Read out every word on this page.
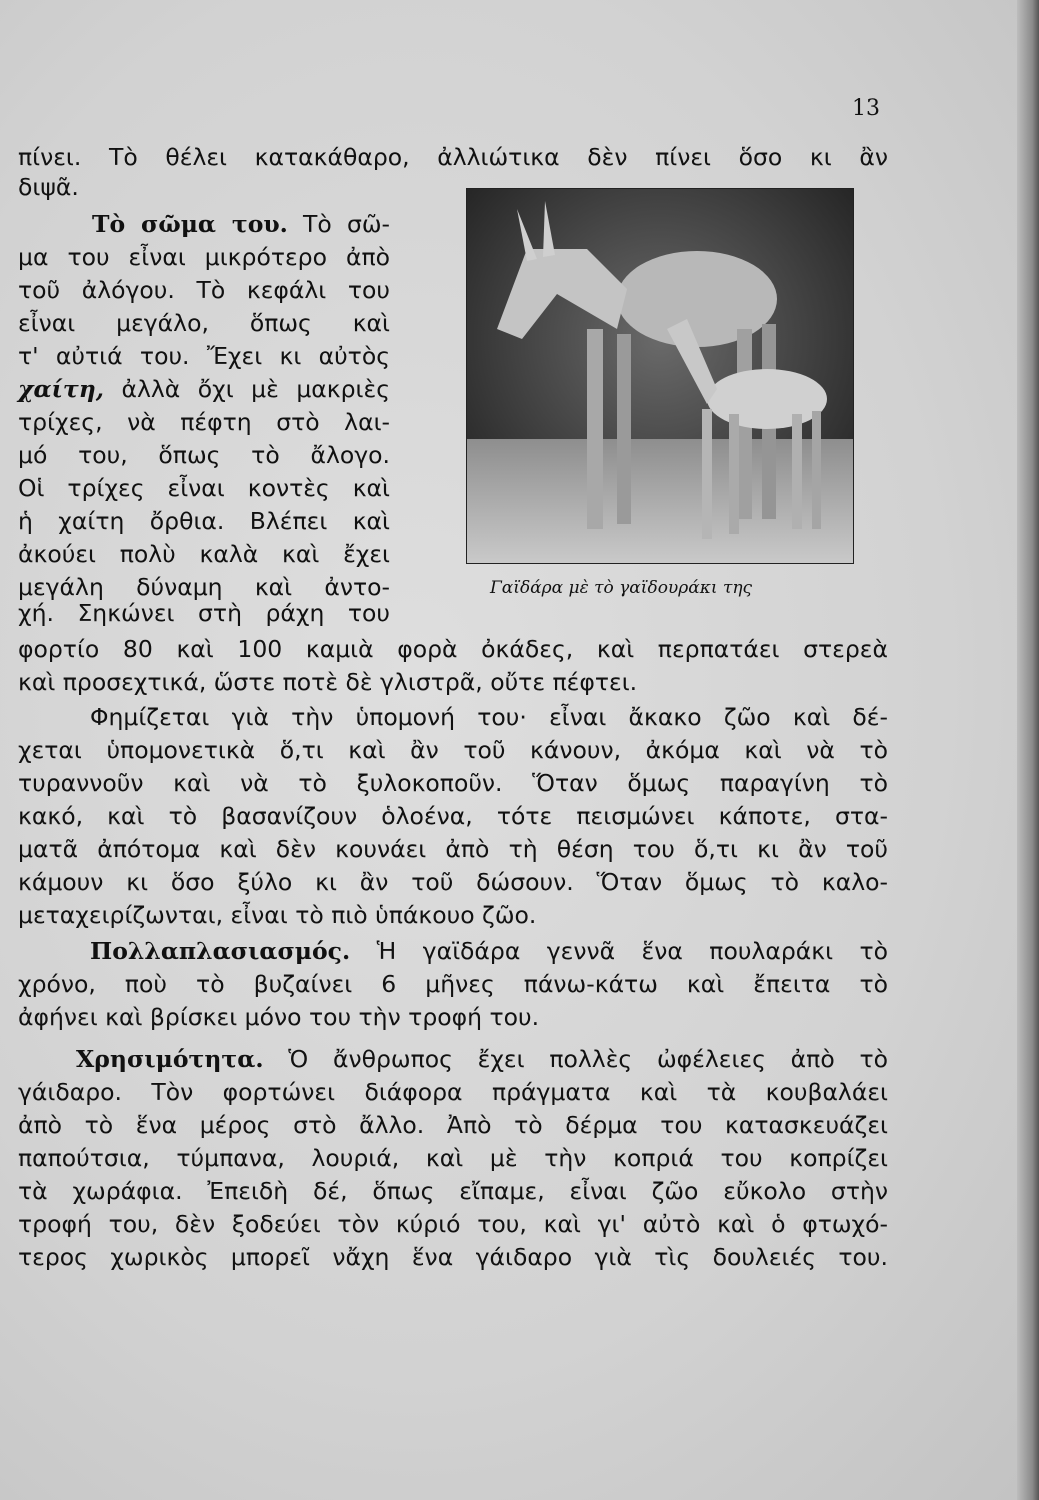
13
πίνει. Τὸ θέλει κατακάθαρο, ἀλλιώτικα δὲν πίνει ὅσο κι ἂν
διψᾶ.
Τὸ σῶμα του. Τὸ σῶ-
μα του εἶναι μικρότερο ἀπὸ
τοῦ ἀλόγου. Τὸ κεφάλι του
εἶναι μεγάλο, ὅπως καὶ
τ' αὐτιά του. Ἔχει κι αὐτὸς
χαίτη, ἀλλὰ ὄχι μὲ μακριὲς
τρίχες, νὰ πέφτη στὸ λαι-
μό του, ὅπως τὸ ἄλογο.
Οἱ τρίχες εἶναι κοντὲς καὶ
ἡ χαίτη ὄρθια. Βλέπει καὶ
ἀκούει πολὺ καλὰ καὶ ἔχει
μεγάλη δύναμη καὶ ἀντο-
χή. Σηκώνει στὴ ράχη του
φορτίο 80 καὶ 100 καμιὰ φορὰ ὀκάδες, καὶ περπατάει στερεὰ
καὶ προσεχτικά, ὥστε ποτὲ δὲ γλιστρᾶ, οὔτε πέφτει.
Γαϊδάρα μὲ τὸ γαϊδουράκι της
Φημίζεται γιὰ τὴν ὑπομονή του· εἶναι ἄκακο ζῶο καὶ δέ-
χεται ὑπομονετικὰ ὅ,τι καὶ ἂν τοῦ κάνουν, ἀκόμα καὶ νὰ τὸ
τυραννοῦν καὶ νὰ τὸ ξυλοκοποῦν. Ὅταν ὅμως παραγίνη τὸ
κακό, καὶ τὸ βασανίζουν ὁλοένα, τότε πεισμώνει κάποτε, στα-
ματᾶ ἀπότομα καὶ δὲν κουνάει ἀπὸ τὴ θέση του ὅ,τι κι ἂν τοῦ
κάμουν κι ὅσο ξύλο κι ἂν τοῦ δώσουν. Ὅταν ὅμως τὸ καλο-
μεταχειρίζωνται, εἶναι τὸ πιὸ ὑπάκουο ζῶο.
Πολλαπλασιασμός. Ἡ γαϊδάρα γεννᾶ ἕνα πουλαράκι τὸ
χρόνο, ποὺ τὸ βυζαίνει 6 μῆνες πάνω-κάτω καὶ ἔπειτα τὸ
ἀφήνει καὶ βρίσκει μόνο του τὴν τροφή του.
Χρησιμότητα. Ὁ ἄνθρωπος ἔχει πολλὲς ὠφέλειες ἀπὸ τὸ
γάιδαρο. Τὸν φορτώνει διάφορα πράγματα καὶ τὰ κουβαλάει
ἀπὸ τὸ ἕνα μέρος στὸ ἄλλο. Ἀπὸ τὸ δέρμα του κατασκευάζει
παπούτσια, τύμπανα, λουριά, καὶ μὲ τὴν κοπριά του κοπρίζει
τὰ χωράφια. Ἐπειδὴ δέ, ὅπως εἴπαμε, εἶναι ζῶο εὔκολο στὴν
τροφή του, δὲν ξοδεύει τὸν κύριό του, καὶ γι' αὐτὸ καὶ ὁ φτωχό-
τερος χωρικὸς μπορεῖ νἄχη ἕνα γάιδαρο γιὰ τὶς δουλειές του.
